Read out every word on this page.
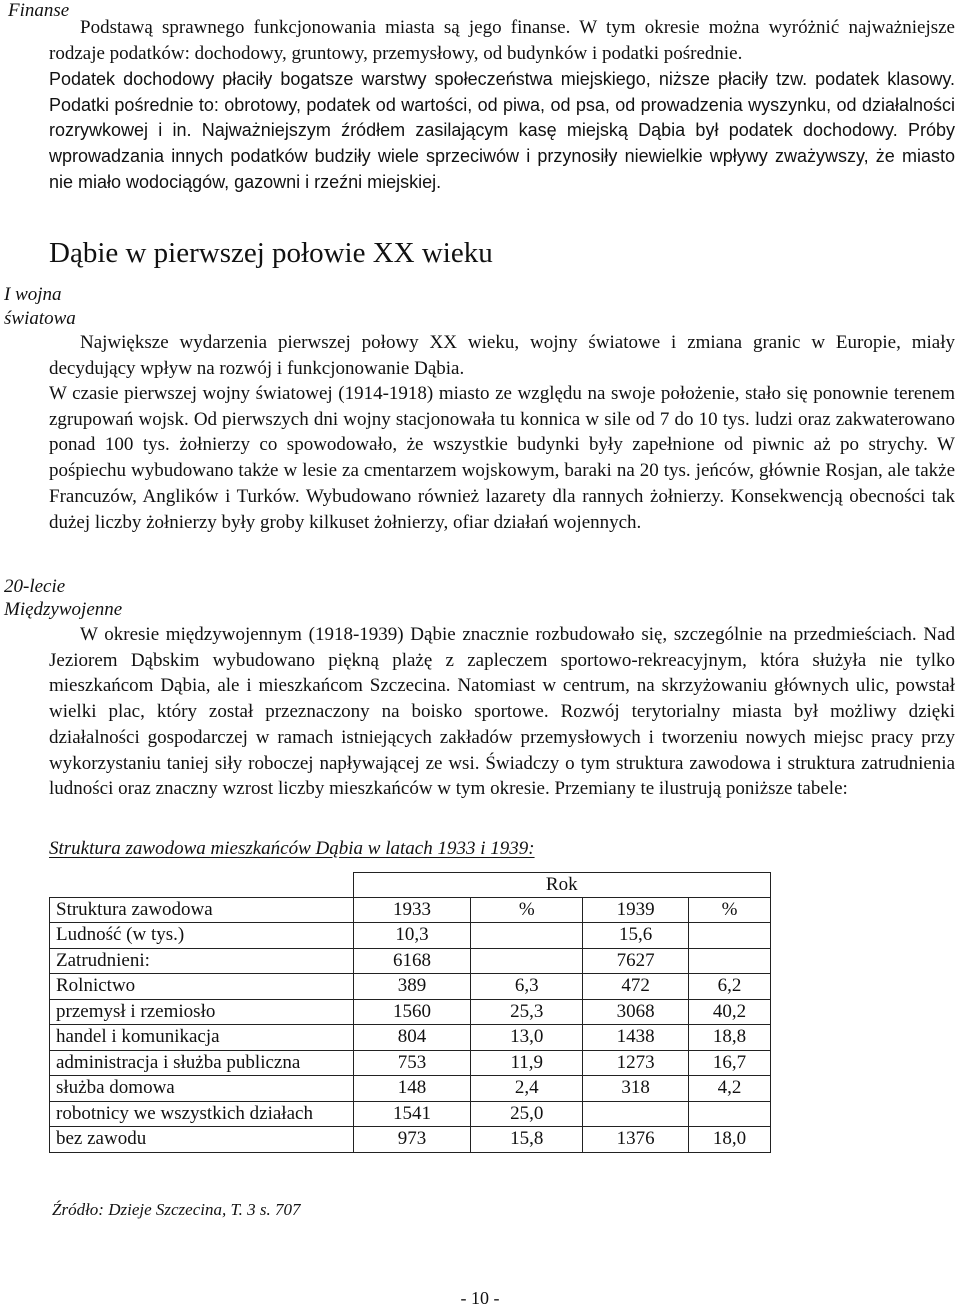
Finanse
I wojna
światowa
20-lecie
Międzywojenne
Podstawą sprawnego funkcjonowania miasta są jego finanse. W tym okresie można wyróżnić najważniejsze rodzaje podatków: dochodowy, gruntowy, przemysłowy, od budynków i podatki pośrednie.
Podatek dochodowy płaciły bogatsze warstwy społeczeństwa miejskiego, niższe płaciły tzw. podatek klasowy. Podatki pośrednie to: obrotowy, podatek od wartości, od piwa, od psa, od prowadzenia wyszynku, od działalności rozrywkowej i in. Najważniejszym źródłem zasilającym kasę miejską Dąbia był podatek dochodowy. Próby wprowadzania innych podatków budziły wiele sprzeciwów i przynosiły niewielkie wpływy zważywszy, że miasto nie miało wodociągów, gazowni i rzeźni miejskiej.
Dąbie w pierwszej połowie XX wieku
Największe wydarzenia pierwszej połowy XX wieku, wojny światowe i zmiana granic w Europie, miały decydujący wpływ na rozwój i funkcjonowanie Dąbia.
W czasie pierwszej wojny światowej (1914-1918) miasto ze względu na swoje położenie, stało się ponownie terenem zgrupowań wojsk. Od pierwszych dni wojny stacjonowała tu konnica w sile od 7 do 10 tys. ludzi oraz zakwaterowano ponad 100 tys. żołnierzy co spowodowało, że wszystkie budynki były zapełnione od piwnic aż po strychy. W pośpiechu wybudowano także w lesie za cmentarzem wojskowym, baraki na 20 tys. jeńców, głównie Rosjan, ale także Francuzów, Anglików i Turków. Wybudowano również lazarety dla rannych żołnierzy. Konsekwencją obecności tak dużej liczby żołnierzy były groby kilkuset żołnierzy, ofiar działań wojennych.
W okresie międzywojennym (1918-1939) Dąbie znacznie rozbudowało się, szczególnie na przedmieściach. Nad Jeziorem Dąbskim wybudowano piękną plażę z zapleczem sportowo-rekreacyjnym, która służyła nie tylko mieszkańcom Dąbia, ale i mieszkańcom Szczecina. Natomiast w centrum, na skrzyżowaniu głównych ulic, powstał wielki plac, który został przeznaczony na boisko sportowe. Rozwój terytorialny miasta był możliwy dzięki działalności gospodarczej w ramach istniejących zakładów przemysłowych i tworzeniu nowych miejsc pracy przy wykorzystaniu taniej siły roboczej napływającej ze wsi. Świadczy o tym struktura zawodowa i struktura zatrudnienia ludności oraz znaczny wzrost liczby mieszkańców w tym okresie. Przemiany te ilustrują poniższe tabele:
Struktura zawodowa mieszkańców Dąbia w latach 1933 i 1939:
	Rok			
Struktura zawodowa	1933	%	1939	%
Ludność (w tys.)	10,3		15,6	
Zatrudnieni:	6168		7627	
Rolnictwo	389	6,3	472	6,2
przemysł i rzemiosło	1560	25,3	3068	40,2
handel i komunikacja	804	13,0	1438	18,8
administracja i służba publiczna	753	11,9	1273	16,7
służba domowa	148	2,4	318	4,2
robotnicy we wszystkich działach	1541	25,0		
bez zawodu	973	15,8	1376	18,0
Źródło: Dzieje Szczecina, T. 3 s. 707
- 10 -
